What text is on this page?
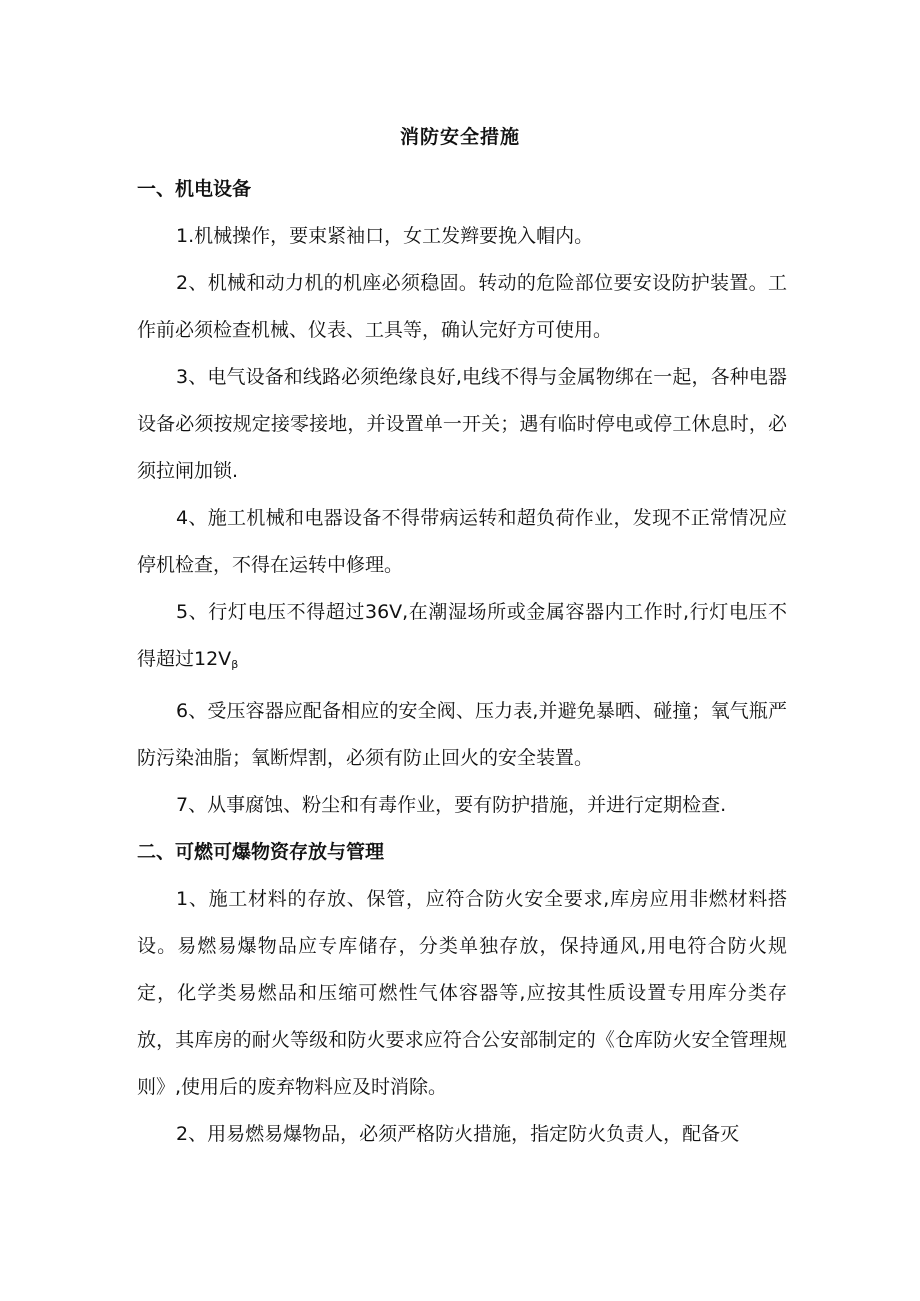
消防安全措施

一、机电设备

1.机械操作，要束紧袖口，女工发辫要挽入帽内。

2、机械和动力机的机座必须稳固。转动的危险部位要安设防护装置。工作前必须检查机械、仪表、工具等，确认完好方可使用。

3、电气设备和线路必须绝缘良好,电线不得与金属物绑在一起，各种电器设备必须按规定接零接地，并设置单一开关；遇有临时停电或停工休息时，必须拉闸加锁.

4、施工机械和电器设备不得带病运转和超负荷作业，发现不正常情况应停机检查，不得在运转中修理。

5、行灯电压不得超过36V,在潮湿场所或金属容器内工作时,行灯电压不得超过$12V_\beta$

6、受压容器应配备相应的安全阀、压力表,并避免暴晒、碰撞；氧气瓶严防污染油脂；氧断焊割，必须有防止回火的安全装置。

7、从事腐蚀、粉尘和有毒作业，要有防护措施，并进行定期检查.

二、可燃可爆物资存放与管理

1、施工材料的存放、保管，应符合防火安全要求,库房应用非燃材料搭设。易燃易爆物品应专库储存，分类单独存放，保持通风,用电符合防火规定，化学类易燃品和压缩可燃性气体容器等,应按其性质设置专用库分类存放，其库房的耐火等级和防火要求应符合公安部制定的《仓库防火安全管理规则》,使用后的废弃物料应及时消除。

2、用易燃易爆物品，必须严格防火措施，指定防火负责人，配备灭
